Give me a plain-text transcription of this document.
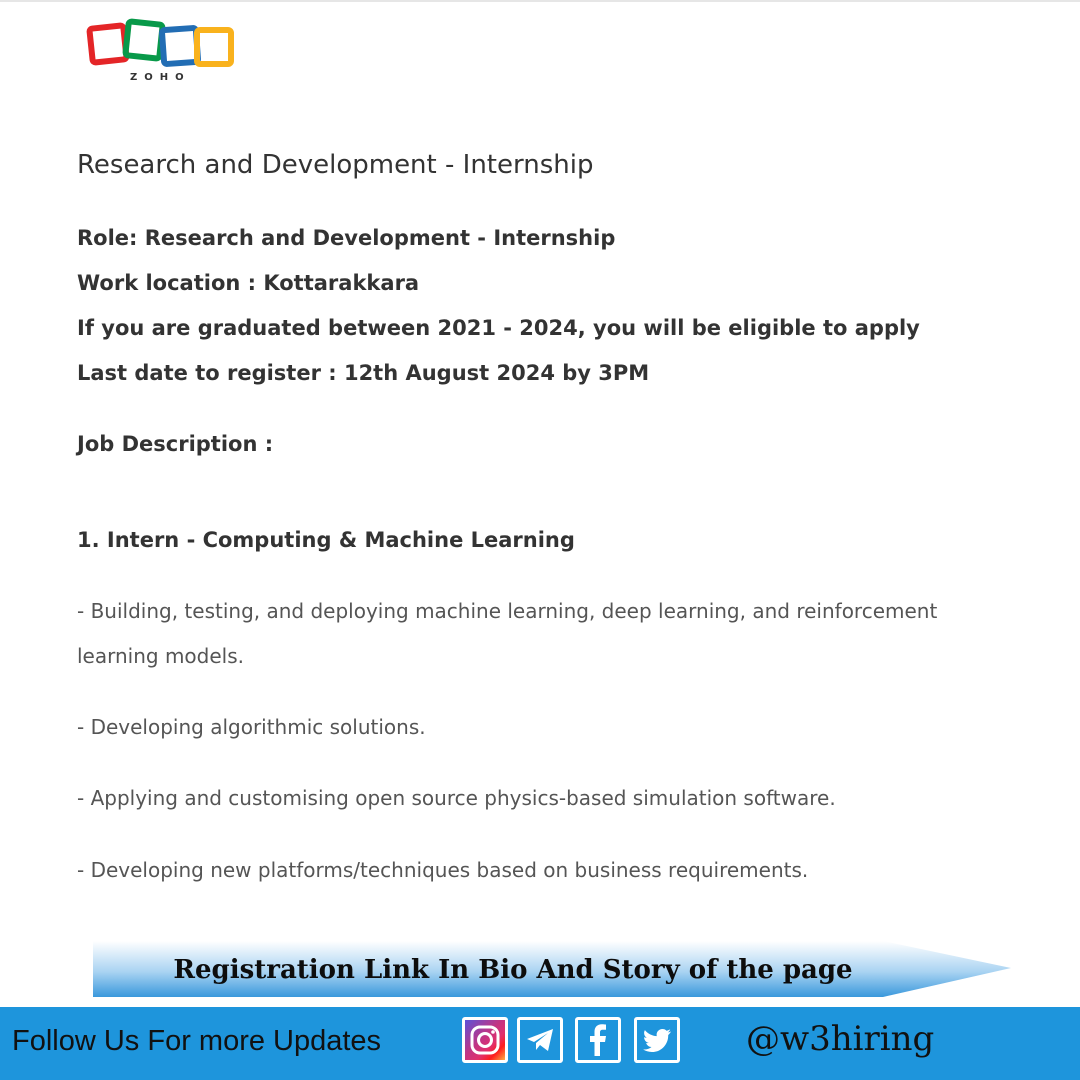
ZOHO
Research and Development - Internship
Role: Research and Development - Internship
Work location : Kottarakkara
If you are graduated between 2021 - 2024, you will be eligible to apply
Last date to register : 12th August 2024 by 3PM
Job Description :
1. Intern - Computing & Machine Learning
- Building, testing, and deploying machine learning, deep learning, and reinforcement learning models.
- Developing algorithmic solutions.
- Applying and customising open source physics-based simulation software.
- Developing new platforms/techniques based on business requirements.
Registration Link In Bio And Story of the page
Follow Us For more Updates	@w3hiring
